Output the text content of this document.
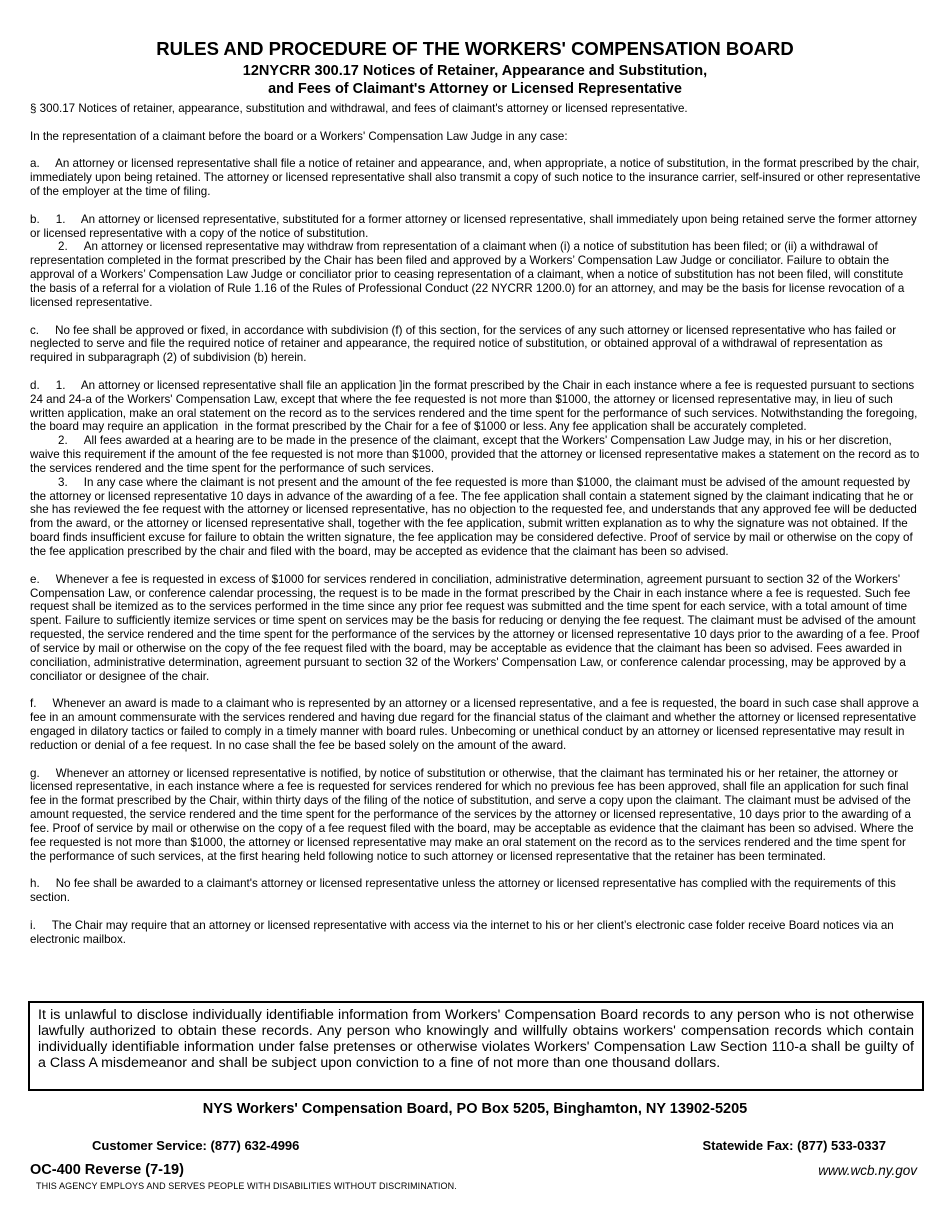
RULES AND PROCEDURE OF THE WORKERS' COMPENSATION BOARD
12NYCRR 300.17 Notices of Retainer, Appearance and Substitution,
and Fees of Claimant's Attorney or Licensed Representative

§ 300.17 Notices of retainer, appearance, substitution and withdrawal, and fees of claimant's attorney or licensed representative.

In the representation of a claimant before the board or a Workers' Compensation Law Judge in any case:

a.     An attorney or licensed representative shall file a notice of retainer and appearance, and, when appropriate, a notice of substitution, in the format prescribed by the chair, immediately upon being retained. The attorney or licensed representative shall also transmit a copy of such notice to the insurance carrier, self-insured or other representative of the employer at the time of filing.

b.     1.     An attorney or licensed representative, substituted for a former attorney or licensed representative, shall immediately upon being retained serve the former attorney or licensed representative with a copy of the notice of substitution.

2. An attorney or licensed representative may withdraw from representation of a claimant when (i) a notice of substitution has been filed; or (ii) a withdrawal of representation completed in the format prescribed by the Chair has been filed and approved by a Workers’ Compensation Law Judge or conciliator. Failure to obtain the approval of a Workers’ Compensation Law Judge or conciliator prior to ceasing representation of a claimant, when a notice of substitution has not been filed, will constitute the basis of a referral for a violation of Rule 1.16 of the Rules of Professional Conduct (22 NYCRR 1200.0) for an attorney, and may be the basis for license revocation of a licensed representative.

c.     No fee shall be approved or fixed, in accordance with subdivision (f) of this section, for the services of any such attorney or licensed representative who has failed or neglected to serve and file the required notice of retainer and appearance, the required notice of substitution, or obtained approval of a withdrawal of representation as required in subparagraph (2) of subdivision (b) herein.

d.     1.     An attorney or licensed representative shall file an application ]in the format prescribed by the Chair in each instance where a fee is requested pursuant to sections 24 and 24-a of the Workers' Compensation Law, except that where the fee requested is not more than $1000, the attorney or licensed representative may, in lieu of such written application, make an oral statement on the record as to the services rendered and the time spent for the performance of such services. Notwithstanding the foregoing, the board may require an application  in the format prescribed by the Chair for a fee of $1000 or less. Any fee application shall be accurately completed.

2. All fees awarded at a hearing are to be made in the presence of the claimant, except that the Workers' Compensation Law Judge may, in his or her discretion, waive this requirement if the amount of the fee requested is not more than $1000, provided that the attorney or licensed representative makes a statement on the record as to the services rendered and the time spent for the performance of such services.

3. In any case where the claimant is not present and the amount of the fee requested is more than $1000, the claimant must be advised of the amount requested by the attorney or licensed representative 10 days in advance of the awarding of a fee. The fee application shall contain a statement signed by the claimant indicating that he or she has reviewed the fee request with the attorney or licensed representative, has no objection to the requested fee, and understands that any approved fee will be deducted from the award, or the attorney or licensed representative shall, together with the fee application, submit written explanation as to why the signature was not obtained. If the board finds insufficient excuse for failure to obtain the written signature, the fee application may be considered defective. Proof of service by mail or otherwise on the copy of the fee application prescribed by the chair and filed with the board, may be accepted as evidence that the claimant has been so advised.

e.     Whenever a fee is requested in excess of $1000 for services rendered in conciliation, administrative determination, agreement pursuant to section 32 of the Workers' Compensation Law, or conference calendar processing, the request is to be made in the format prescribed by the Chair in each instance where a fee is requested. Such fee request shall be itemized as to the services performed in the time since any prior fee request was submitted and the time spent for each service, with a total amount of time spent. Failure to sufficiently itemize services or time spent on services may be the basis for reducing or denying the fee request. The claimant must be advised of the amount requested, the service rendered and the time spent for the performance of the services by the attorney or licensed representative 10 days prior to the awarding of a fee. Proof of service by mail or otherwise on the copy of the fee request filed with the board, may be acceptable as evidence that the claimant has been so advised. Fees awarded in conciliation, administrative determination, agreement pursuant to section 32 of the Workers' Compensation Law, or conference calendar processing, may be approved by a conciliator or designee of the chair.

f.     Whenever an award is made to a claimant who is represented by an attorney or a licensed representative, and a fee is requested, the board in such case shall approve a fee in an amount commensurate with the services rendered and having due regard for the financial status of the claimant and whether the attorney or licensed representative engaged in dilatory tactics or failed to comply in a timely manner with board rules. Unbecoming or unethical conduct by an attorney or licensed representative may result in reduction or denial of a fee request. In no case shall the fee be based solely on the amount of the award.

g.     Whenever an attorney or licensed representative is notified, by notice of substitution or otherwise, that the claimant has terminated his or her retainer, the attorney or licensed representative, in each instance where a fee is requested for services rendered for which no previous fee has been approved, shall file an application for such final fee in the format prescribed by the Chair, within thirty days of the filing of the notice of substitution, and serve a copy upon the claimant. The claimant must be advised of the amount requested, the service rendered and the time spent for the performance of the services by the attorney or licensed representative, 10 days prior to the awarding of a fee. Proof of service by mail or otherwise on the copy of a fee request filed with the board, may be acceptable as evidence that the claimant has been so advised. Where the fee requested is not more than $1000, the attorney or licensed representative may make an oral statement on the record as to the services rendered and the time spent for the performance of such services, at the first hearing held following notice to such attorney or licensed representative that the retainer has been terminated.

h.     No fee shall be awarded to a claimant's attorney or licensed representative unless the attorney or licensed representative has complied with the requirements of this section.

i.     The Chair may require that an attorney or licensed representative with access via the internet to his or her client’s electronic case folder receive Board notices via an electronic mailbox.

It is unlawful to disclose individually identifiable information from Workers' Compensation Board records to any person who is not otherwise lawfully authorized to obtain these records. Any person who knowingly and willfully obtains workers' compensation records which contain individually identifiable information under false pretenses or otherwise violates Workers' Compensation Law Section 110-a shall be guilty of a Class A misdemeanor and shall be subject upon conviction to a fine of not more than one thousand dollars.
NYS Workers' Compensation Board, PO Box 5205, Binghamton, NY 13902-5205
Customer Service: (877) 632-4996	Statewide Fax: (877) 533-0337
OC-400 Reverse (7-19)	www.wcb.ny.gov
THIS AGENCY EMPLOYS AND SERVES PEOPLE WITH DISABILITIES WITHOUT DISCRIMINATION.
